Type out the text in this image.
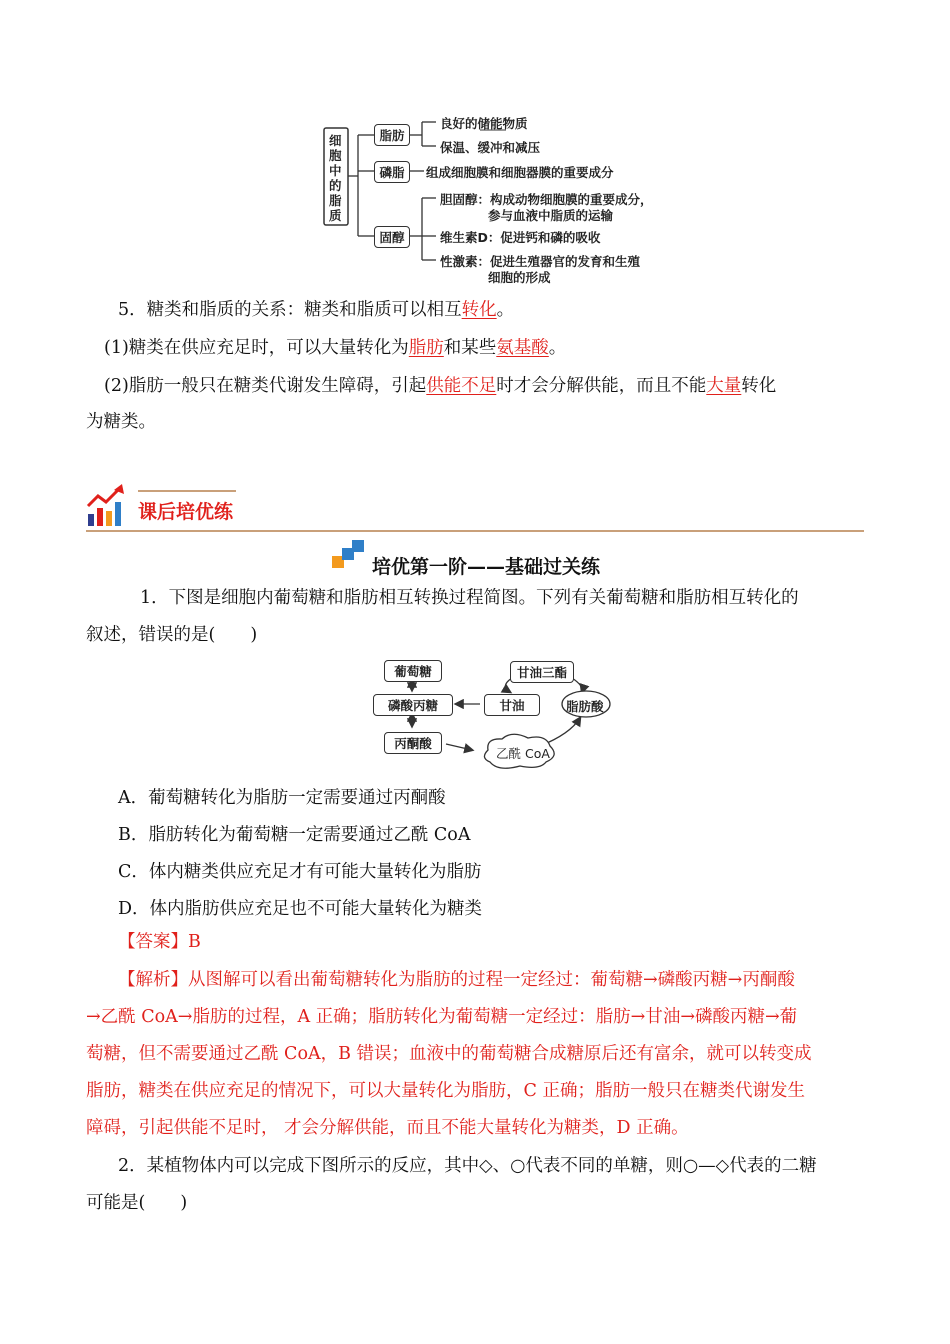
细胞中的脂质
脂肪
磷脂
固醇
良好的储能物质
保温、缓冲和减压
组成细胞膜和细胞器膜的重要成分
胆固醇：构成动物细胞膜的重要成分，
参与血液中脂质的运输
维生素D：促进钙和磷的吸收
性激素：促进生殖器官的发育和生殖
细胞的形成
5．糖类和脂质的关系：糖类和脂质可以相互转化。
(1)糖类在供应充足时，可以大量转化为脂肪和某些氨基酸。
(2)脂肪一般只在糖类代谢发生障碍，引起供能不足时才会分解供能，而且不能大量转化
为糖类。
课后培优练
培优第一阶——基础过关练
1．下图是细胞内葡萄糖和脂肪相互转换过程简图。下列有关葡萄糖和脂肪相互转化的
叙述，错误的是(　　)
葡萄糖
磷酸丙糖
丙酮酸
甘油三酯
甘油	脂肪酸
乙酰 CoA
A．葡萄糖转化为脂肪一定需要通过丙酮酸
B．脂肪转化为葡萄糖一定需要通过乙酰 CoA
C．体内糖类供应充足才有可能大量转化为脂肪
D．体内脂肪供应充足也不可能大量转化为糖类
【答案】B
【解析】从图解可以看出葡萄糖转化为脂肪的过程一定经过：葡萄糖→磷酸丙糖→丙酮酸
→乙酰 CoA→脂肪的过程，A 正确；脂肪转化为葡萄糖一定经过：脂肪→甘油→磷酸丙糖→葡
萄糖，但不需要通过乙酰 CoA，B 错误；血液中的葡萄糖合成糖原后还有富余，就可以转变成
脂肪，糖类在供应充足的情况下，可以大量转化为脂肪，C 正确；脂肪一般只在糖类代谢发生
障碍，引起供能不足时， 才会分解供能，而且不能大量转化为糖类，D 正确。
2．某植物体内可以完成下图所示的反应，其中◇、○代表不同的单糖，则○—◇代表的二糖
可能是(　　)
